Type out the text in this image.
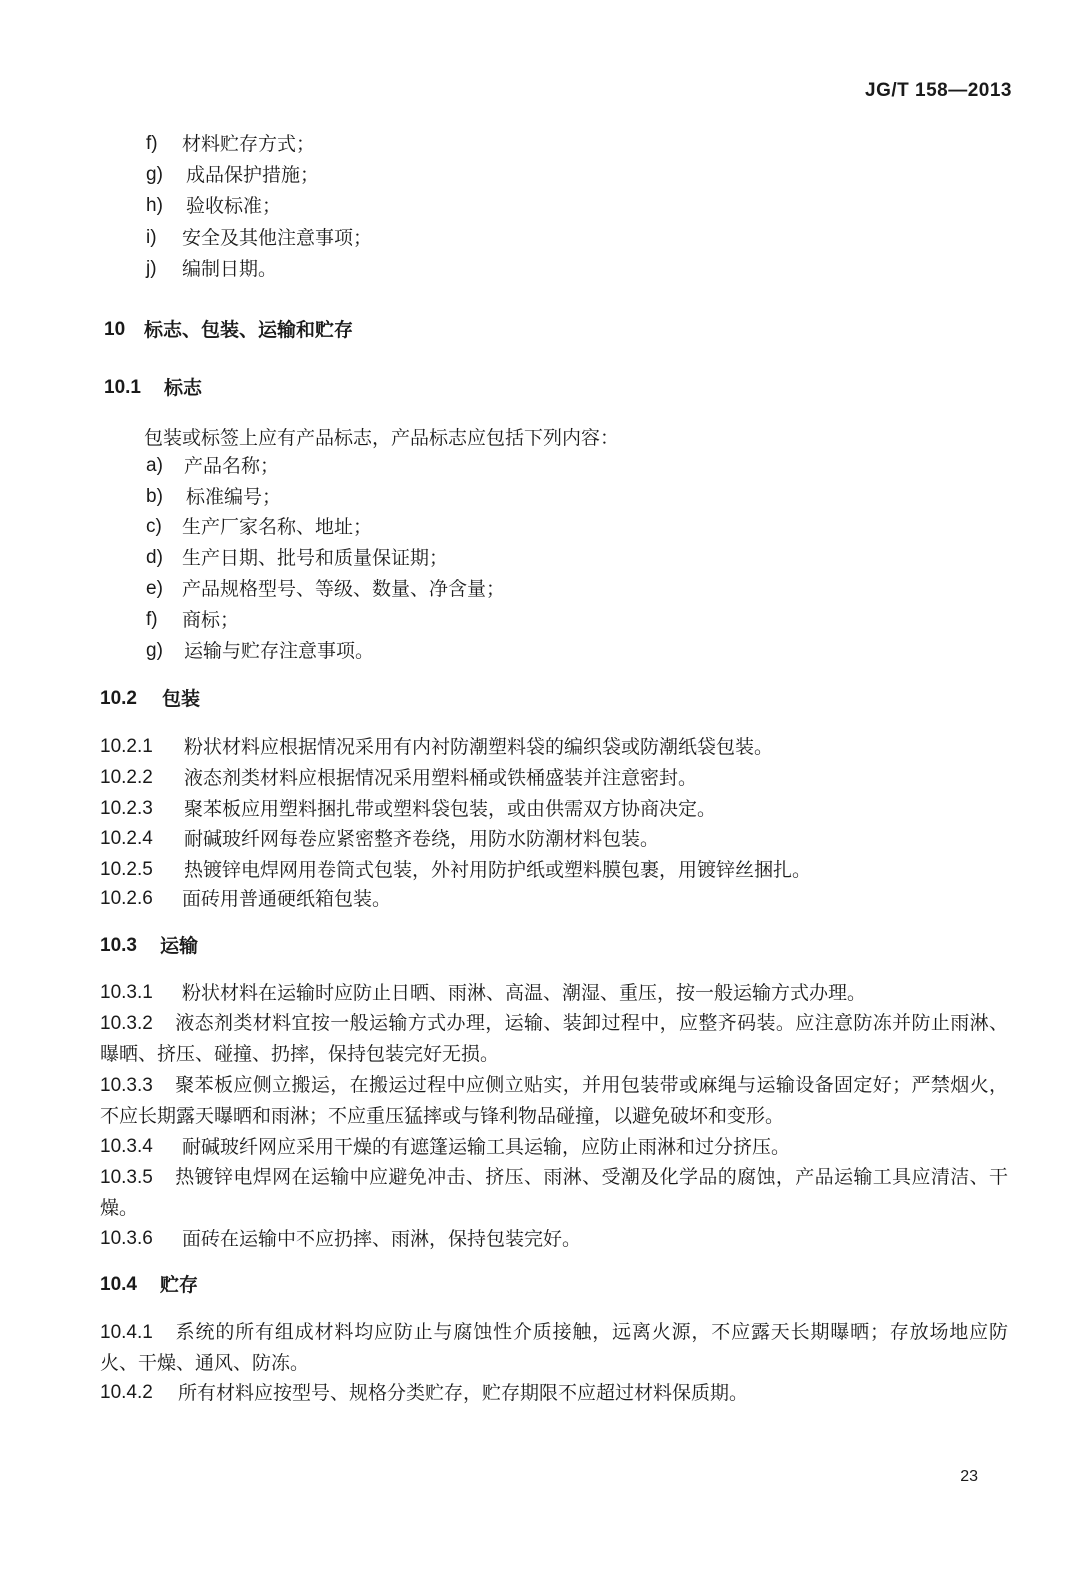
JG/T 158—2013
f) 材料贮存方式；
g) 成品保护措施；
h) 验收标准；
i) 安全及其他注意事项；
j) 编制日期。
10 标志、包装、运输和贮存
10.1 标志
包装或标签上应有产品标志，产品标志应包括下列内容：
a) 产品名称；
b) 标准编号；
c) 生产厂家名称、地址；
d) 生产日期、批号和质量保证期；
e) 产品规格型号、等级、数量、净含量；
f) 商标；
g) 运输与贮存注意事项。
10.2 包装
10.2.1 粉状材料应根据情况采用有内衬防潮塑料袋的编织袋或防潮纸袋包装。
10.2.2 液态剂类材料应根据情况采用塑料桶或铁桶盛装并注意密封。
10.2.3 聚苯板应用塑料捆扎带或塑料袋包装，或由供需双方协商决定。
10.2.4 耐碱玻纤网每卷应紧密整齐卷绕，用防水防潮材料包装。
10.2.5 热镀锌电焊网用卷筒式包装，外衬用防护纸或塑料膜包裹，用镀锌丝捆扎。
10.2.6 面砖用普通硬纸箱包装。
10.3 运输
10.3.1 粉状材料在运输时应防止日晒、雨淋、高温、潮湿、重压，按一般运输方式办理。
10.3.2 液态剂类材料宜按一般运输方式办理，运输、装卸过程中，应整齐码装。应注意防冻并防止雨淋、曝晒、挤压、碰撞、扔摔，保持包装完好无损。
10.3.3 聚苯板应侧立搬运，在搬运过程中应侧立贴实，并用包装带或麻绳与运输设备固定好；严禁烟火，不应长期露天曝晒和雨淋；不应重压猛摔或与锋利物品碰撞，以避免破坏和变形。
10.3.4 耐碱玻纤网应采用干燥的有遮篷运输工具运输，应防止雨淋和过分挤压。
10.3.5 热镀锌电焊网在运输中应避免冲击、挤压、雨淋、受潮及化学品的腐蚀，产品运输工具应清洁、干燥。
10.3.6 面砖在运输中不应扔摔、雨淋，保持包装完好。
10.4 贮存
10.4.1 系统的所有组成材料均应防止与腐蚀性介质接触，远离火源，不应露天长期曝晒；存放场地应防火、干燥、通风、防冻。
10.4.2 所有材料应按型号、规格分类贮存，贮存期限不应超过材料保质期。
23
